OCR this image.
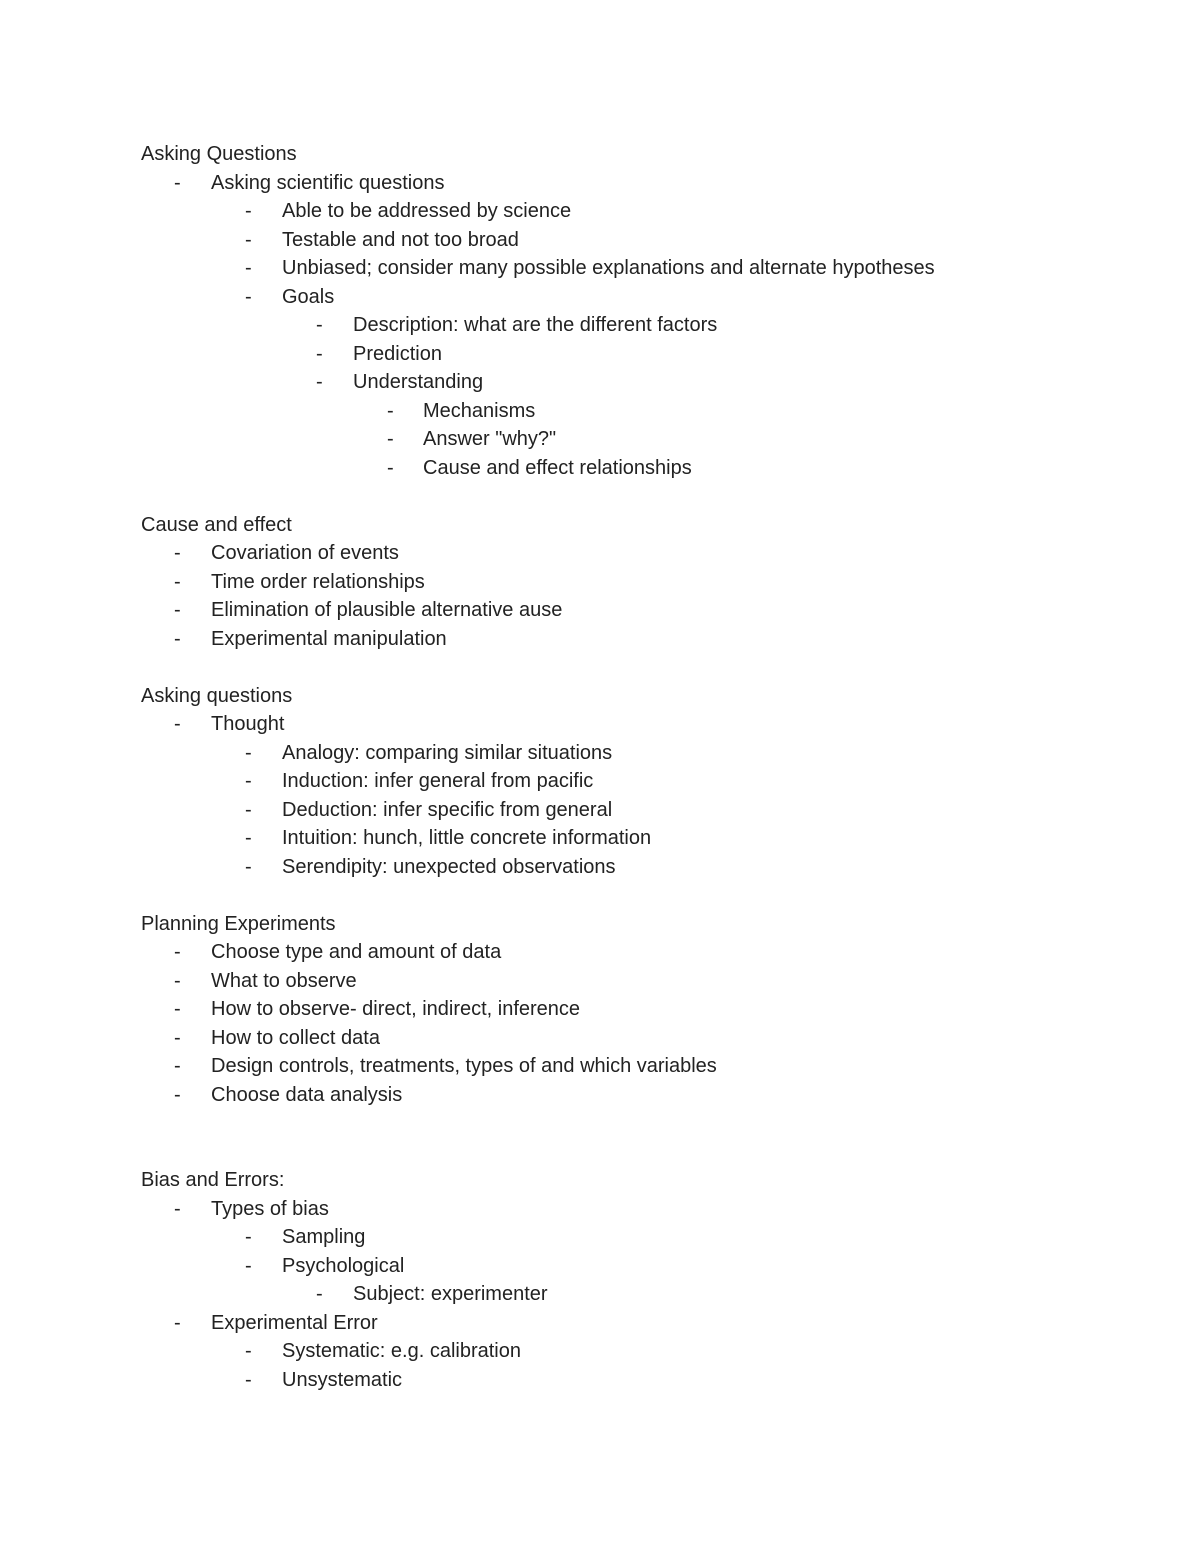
Asking Questions
-	Asking scientific questions
-	Able to be addressed by science
-	Testable and not too broad
-	Unbiased; consider many possible explanations and alternate hypotheses
-	Goals
-	Description: what are the different factors
-	Prediction
-	Understanding
-	Mechanisms
-	Answer "why?"
-	Cause and effect relationships
Cause and effect
-	Covariation of events
-	Time order relationships
-	Elimination of plausible alternative ause
-	Experimental manipulation
Asking questions
-	Thought
-	Analogy: comparing similar situations
-	Induction: infer general from pacific
-	Deduction: infer specific from general
-	Intuition: hunch, little concrete information
-	Serendipity: unexpected observations
Planning Experiments
-	Choose type and amount of data
-	What to observe
-	How to observe- direct, indirect, inference
-	How to collect data
-	Design controls, treatments, types of and which variables
-	Choose data analysis
Bias and Errors:
-	Types of bias
-	Sampling
-	Psychological
-	Subject: experimenter
-	Experimental Error
-	Systematic: e.g. calibration
-	Unsystematic
